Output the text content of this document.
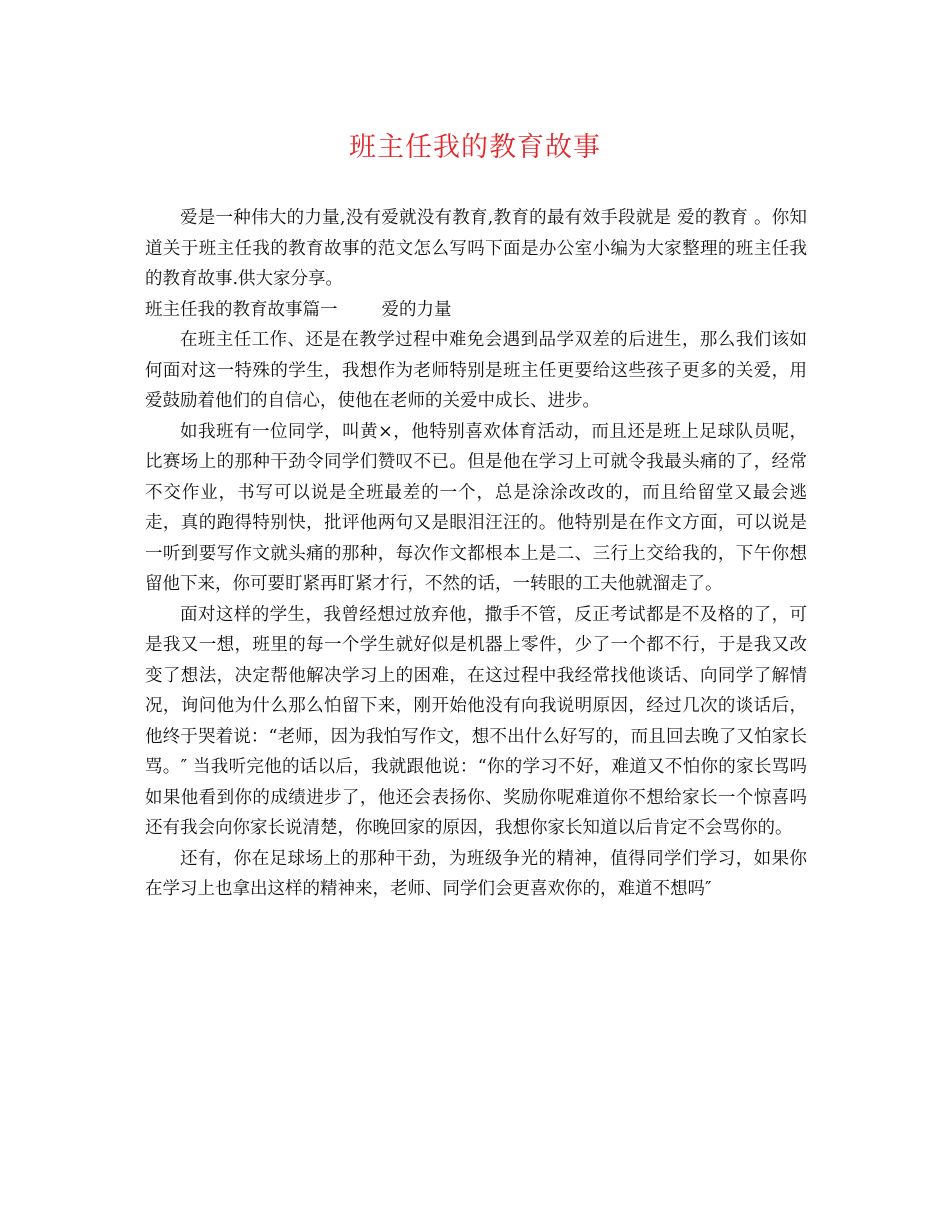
班主任我的教育故事

爱是一种伟大的力量,没有爱就没有教育,教育的最有效手段就是 爱的教育 。你知道关于班主任我的教育故事的范文怎么写吗下面是办公室小编为大家整理的班主任我的教育故事.供大家分享。

班主任我的教育故事篇一	爱的力量

在班主任工作、还是在教学过程中难免会遇到品学双差的后进生，那么我们该如何面对这一特殊的学生，我想作为老师特别是班主任更要给这些孩子更多的关爱，用爱鼓励着他们的自信心，使他在老师的关爱中成长、进步。

如我班有一位同学，叫黄×，他特别喜欢体育活动，而且还是班上足球队员呢，比赛场上的那种干劲令同学们赞叹不已。但是他在学习上可就令我最头痛的了，经常不交作业，书写可以说是全班最差的一个，总是涂涂改改的，而且给留堂又最会逃走，真的跑得特别快，批评他两句又是眼泪汪汪的。他特别是在作文方面，可以说是一听到要写作文就头痛的那种，每次作文都根本上是二、三行上交给我的，下午你想留他下来，你可要盯紧再盯紧才行，不然的话，一转眼的工夫他就溜走了。

面对这样的学生，我曾经想过放弃他，撒手不管，反正考试都是不及格的了，可是我又一想，班里的每一个学生就好似是机器上零件，少了一个都不行，于是我又改变了想法，决定帮他解决学习上的困难，在这过程中我经常找他谈话、向同学了解情况，询问他为什么那么怕留下来，刚开始他没有向我说明原因，经过几次的谈话后，他终于哭着说：“老师，因为我怕写作文，想不出什么好写的，而且回去晚了又怕家长骂。″ 当我听完他的话以后，我就跟他说：“你的学习不好，难道又不怕你的家长骂吗如果他看到你的成绩进步了，他还会表扬你、奖励你呢难道你不想给家长一个惊喜吗还有我会向你家长说清楚，你晚回家的原因，我想你家长知道以后肯定不会骂你的。

还有，你在足球场上的那种干劲，为班级争光的精神，值得同学们学习，如果你在学习上也拿出这样的精神来，老师、同学们会更喜欢你的，难道不想吗″
